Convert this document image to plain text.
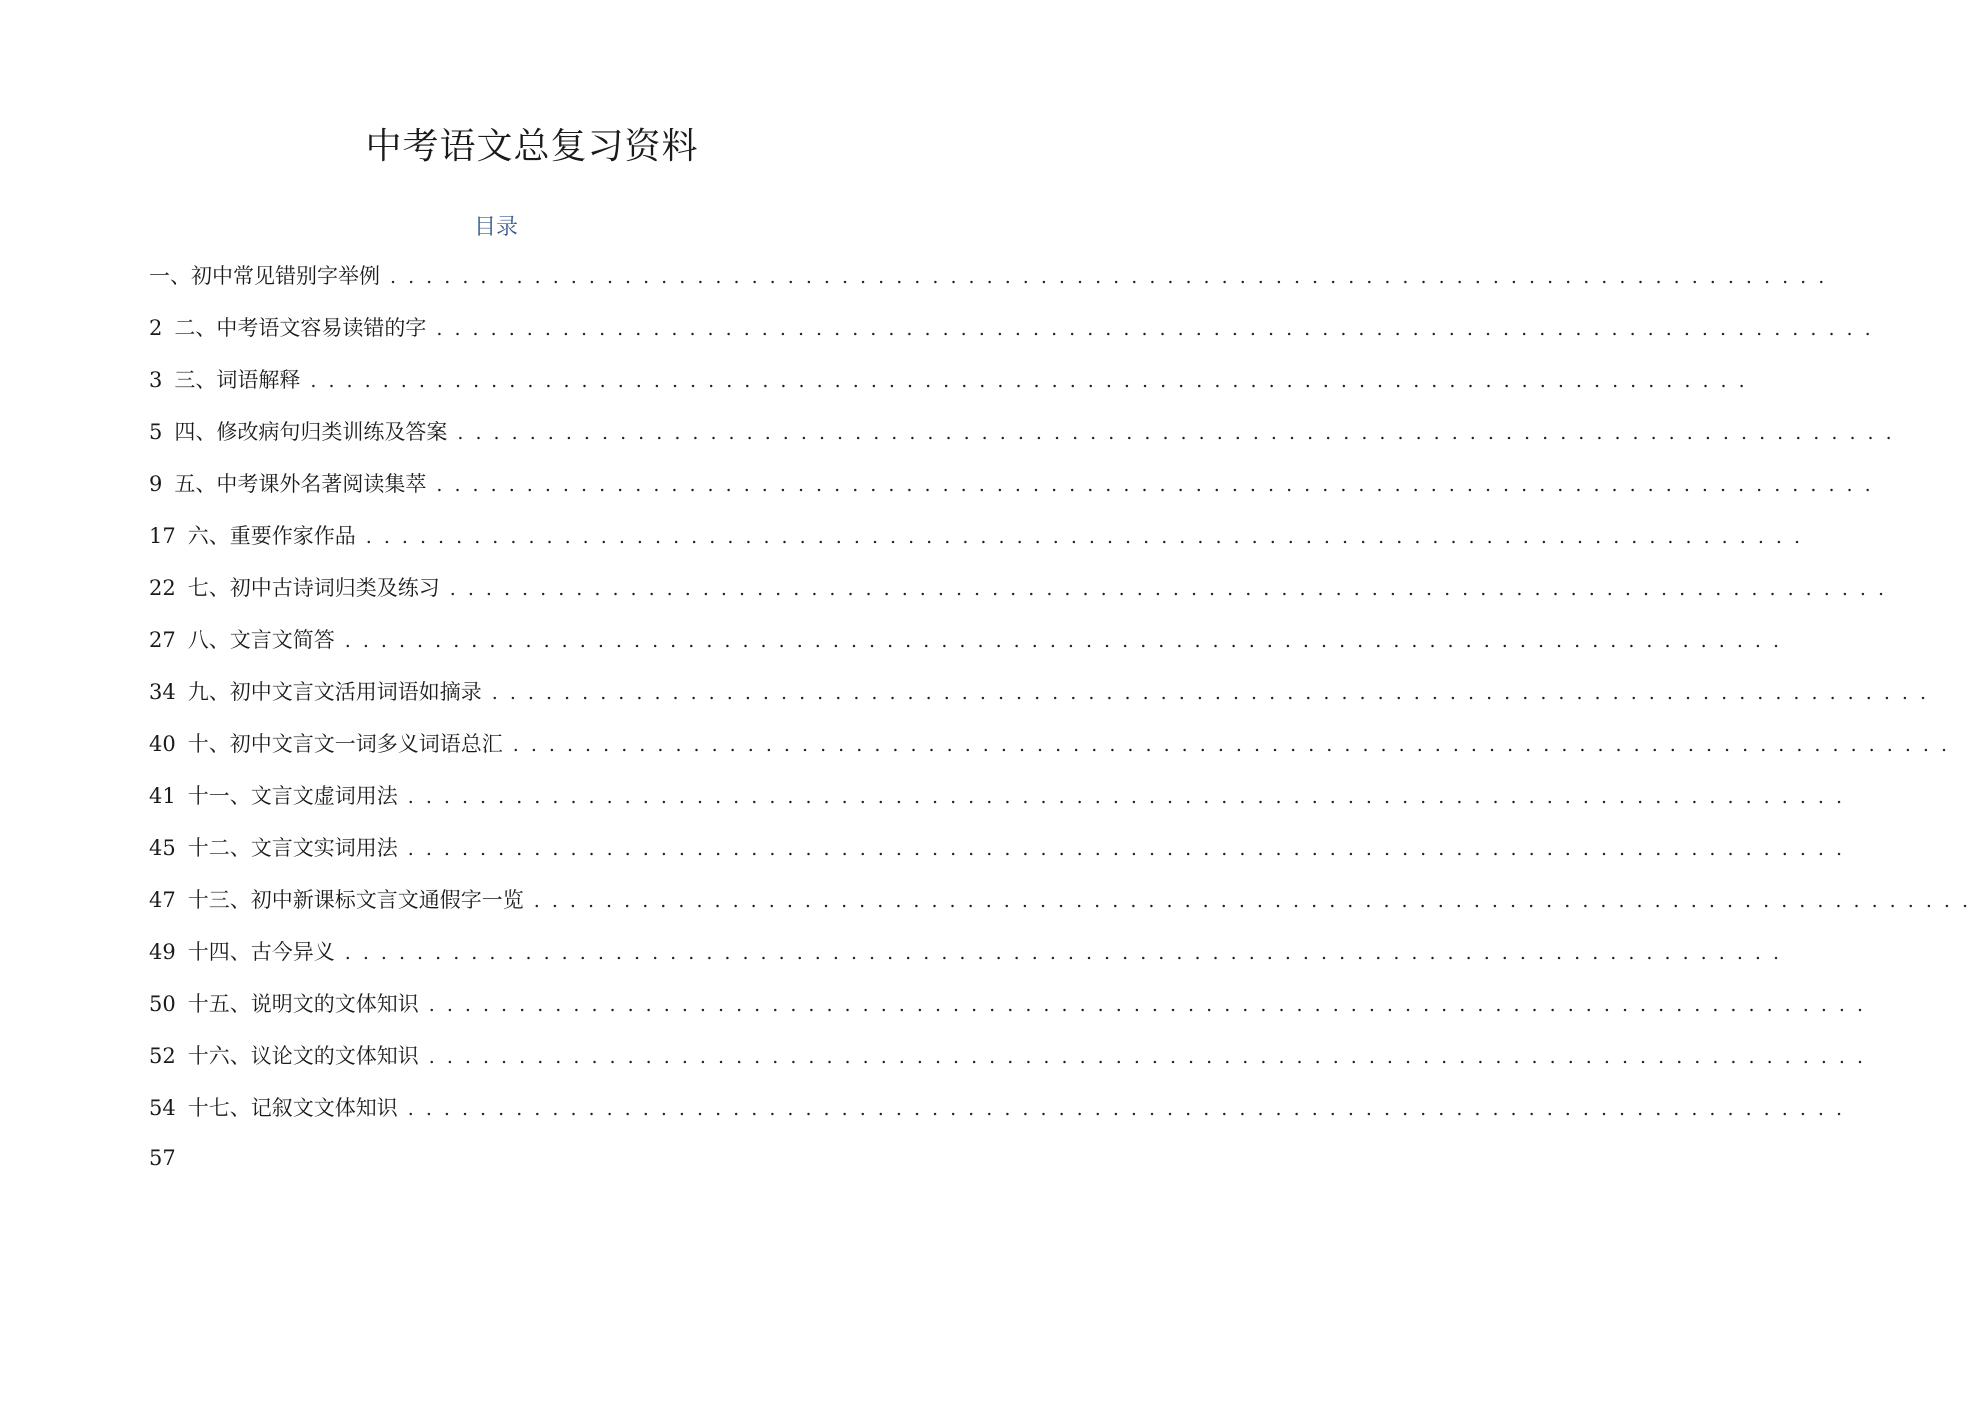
中考语文总复习资料
目录
一、初中常见错别字举例 . . . . . . . . . . . . . . . . . . . . . . . . . . . . . . . . . . . . . . . . . . . . . . . . . . . . . . . . . . . . . . . . . . . . . . . . . . . . . . . .
2 二、中考语文容易读错的字 . . . . . . . . . . . . . . . . . . . . . . . . . . . . . . . . . . . . . . . . . . . . . . . . . . . . . . . . . . . . . . . . . . . . . . . . . . . . . . . .
3 三、词语解释 . . . . . . . . . . . . . . . . . . . . . . . . . . . . . . . . . . . . . . . . . . . . . . . . . . . . . . . . . . . . . . . . . . . . . . . . . . . . . . . .
5 四、修改病句归类训练及答案 . . . . . . . . . . . . . . . . . . . . . . . . . . . . . . . . . . . . . . . . . . . . . . . . . . . . . . . . . . . . . . . . . . . . . . . . . . . . . . . .
9 五、中考课外名著阅读集萃 . . . . . . . . . . . . . . . . . . . . . . . . . . . . . . . . . . . . . . . . . . . . . . . . . . . . . . . . . . . . . . . . . . . . . . . . . . . . . . . .
17 六、重要作家作品 . . . . . . . . . . . . . . . . . . . . . . . . . . . . . . . . . . . . . . . . . . . . . . . . . . . . . . . . . . . . . . . . . . . . . . . . . . . . . . . .
22 七、初中古诗词归类及练习 . . . . . . . . . . . . . . . . . . . . . . . . . . . . . . . . . . . . . . . . . . . . . . . . . . . . . . . . . . . . . . . . . . . . . . . . . . . . . . . .
27 八、文言文简答 . . . . . . . . . . . . . . . . . . . . . . . . . . . . . . . . . . . . . . . . . . . . . . . . . . . . . . . . . . . . . . . . . . . . . . . . . . . . . . . .
34 九、初中文言文活用词语如摘录 . . . . . . . . . . . . . . . . . . . . . . . . . . . . . . . . . . . . . . . . . . . . . . . . . . . . . . . . . . . . . . . . . . . . . . . . . . . . . . . .
40 十、初中文言文一词多义词语总汇 . . . . . . . . . . . . . . . . . . . . . . . . . . . . . . . . . . . . . . . . . . . . . . . . . . . . . . . . . . . . . . . . . . . . . . . . . . . . . . . .
41 十一、文言文虚词用法 . . . . . . . . . . . . . . . . . . . . . . . . . . . . . . . . . . . . . . . . . . . . . . . . . . . . . . . . . . . . . . . . . . . . . . . . . . . . . . . .
45 十二、文言文实词用法 . . . . . . . . . . . . . . . . . . . . . . . . . . . . . . . . . . . . . . . . . . . . . . . . . . . . . . . . . . . . . . . . . . . . . . . . . . . . . . . .
47 十三、初中新课标文言文通假字一览 . . . . . . . . . . . . . . . . . . . . . . . . . . . . . . . . . . . . . . . . . . . . . . . . . . . . . . . . . . . . . . . . . . . . . . . . . . . . . . . .
49 十四、古今异义 . . . . . . . . . . . . . . . . . . . . . . . . . . . . . . . . . . . . . . . . . . . . . . . . . . . . . . . . . . . . . . . . . . . . . . . . . . . . . . . .
50 十五、说明文的文体知识 . . . . . . . . . . . . . . . . . . . . . . . . . . . . . . . . . . . . . . . . . . . . . . . . . . . . . . . . . . . . . . . . . . . . . . . . . . . . . . . .
52 十六、议论文的文体知识 . . . . . . . . . . . . . . . . . . . . . . . . . . . . . . . . . . . . . . . . . . . . . . . . . . . . . . . . . . . . . . . . . . . . . . . . . . . . . . . .
54 十七、记叙文文体知识 . . . . . . . . . . . . . . . . . . . . . . . . . . . . . . . . . . . . . . . . . . . . . . . . . . . . . . . . . . . . . . . . . . . . . . . . . . . . . . . .
57
